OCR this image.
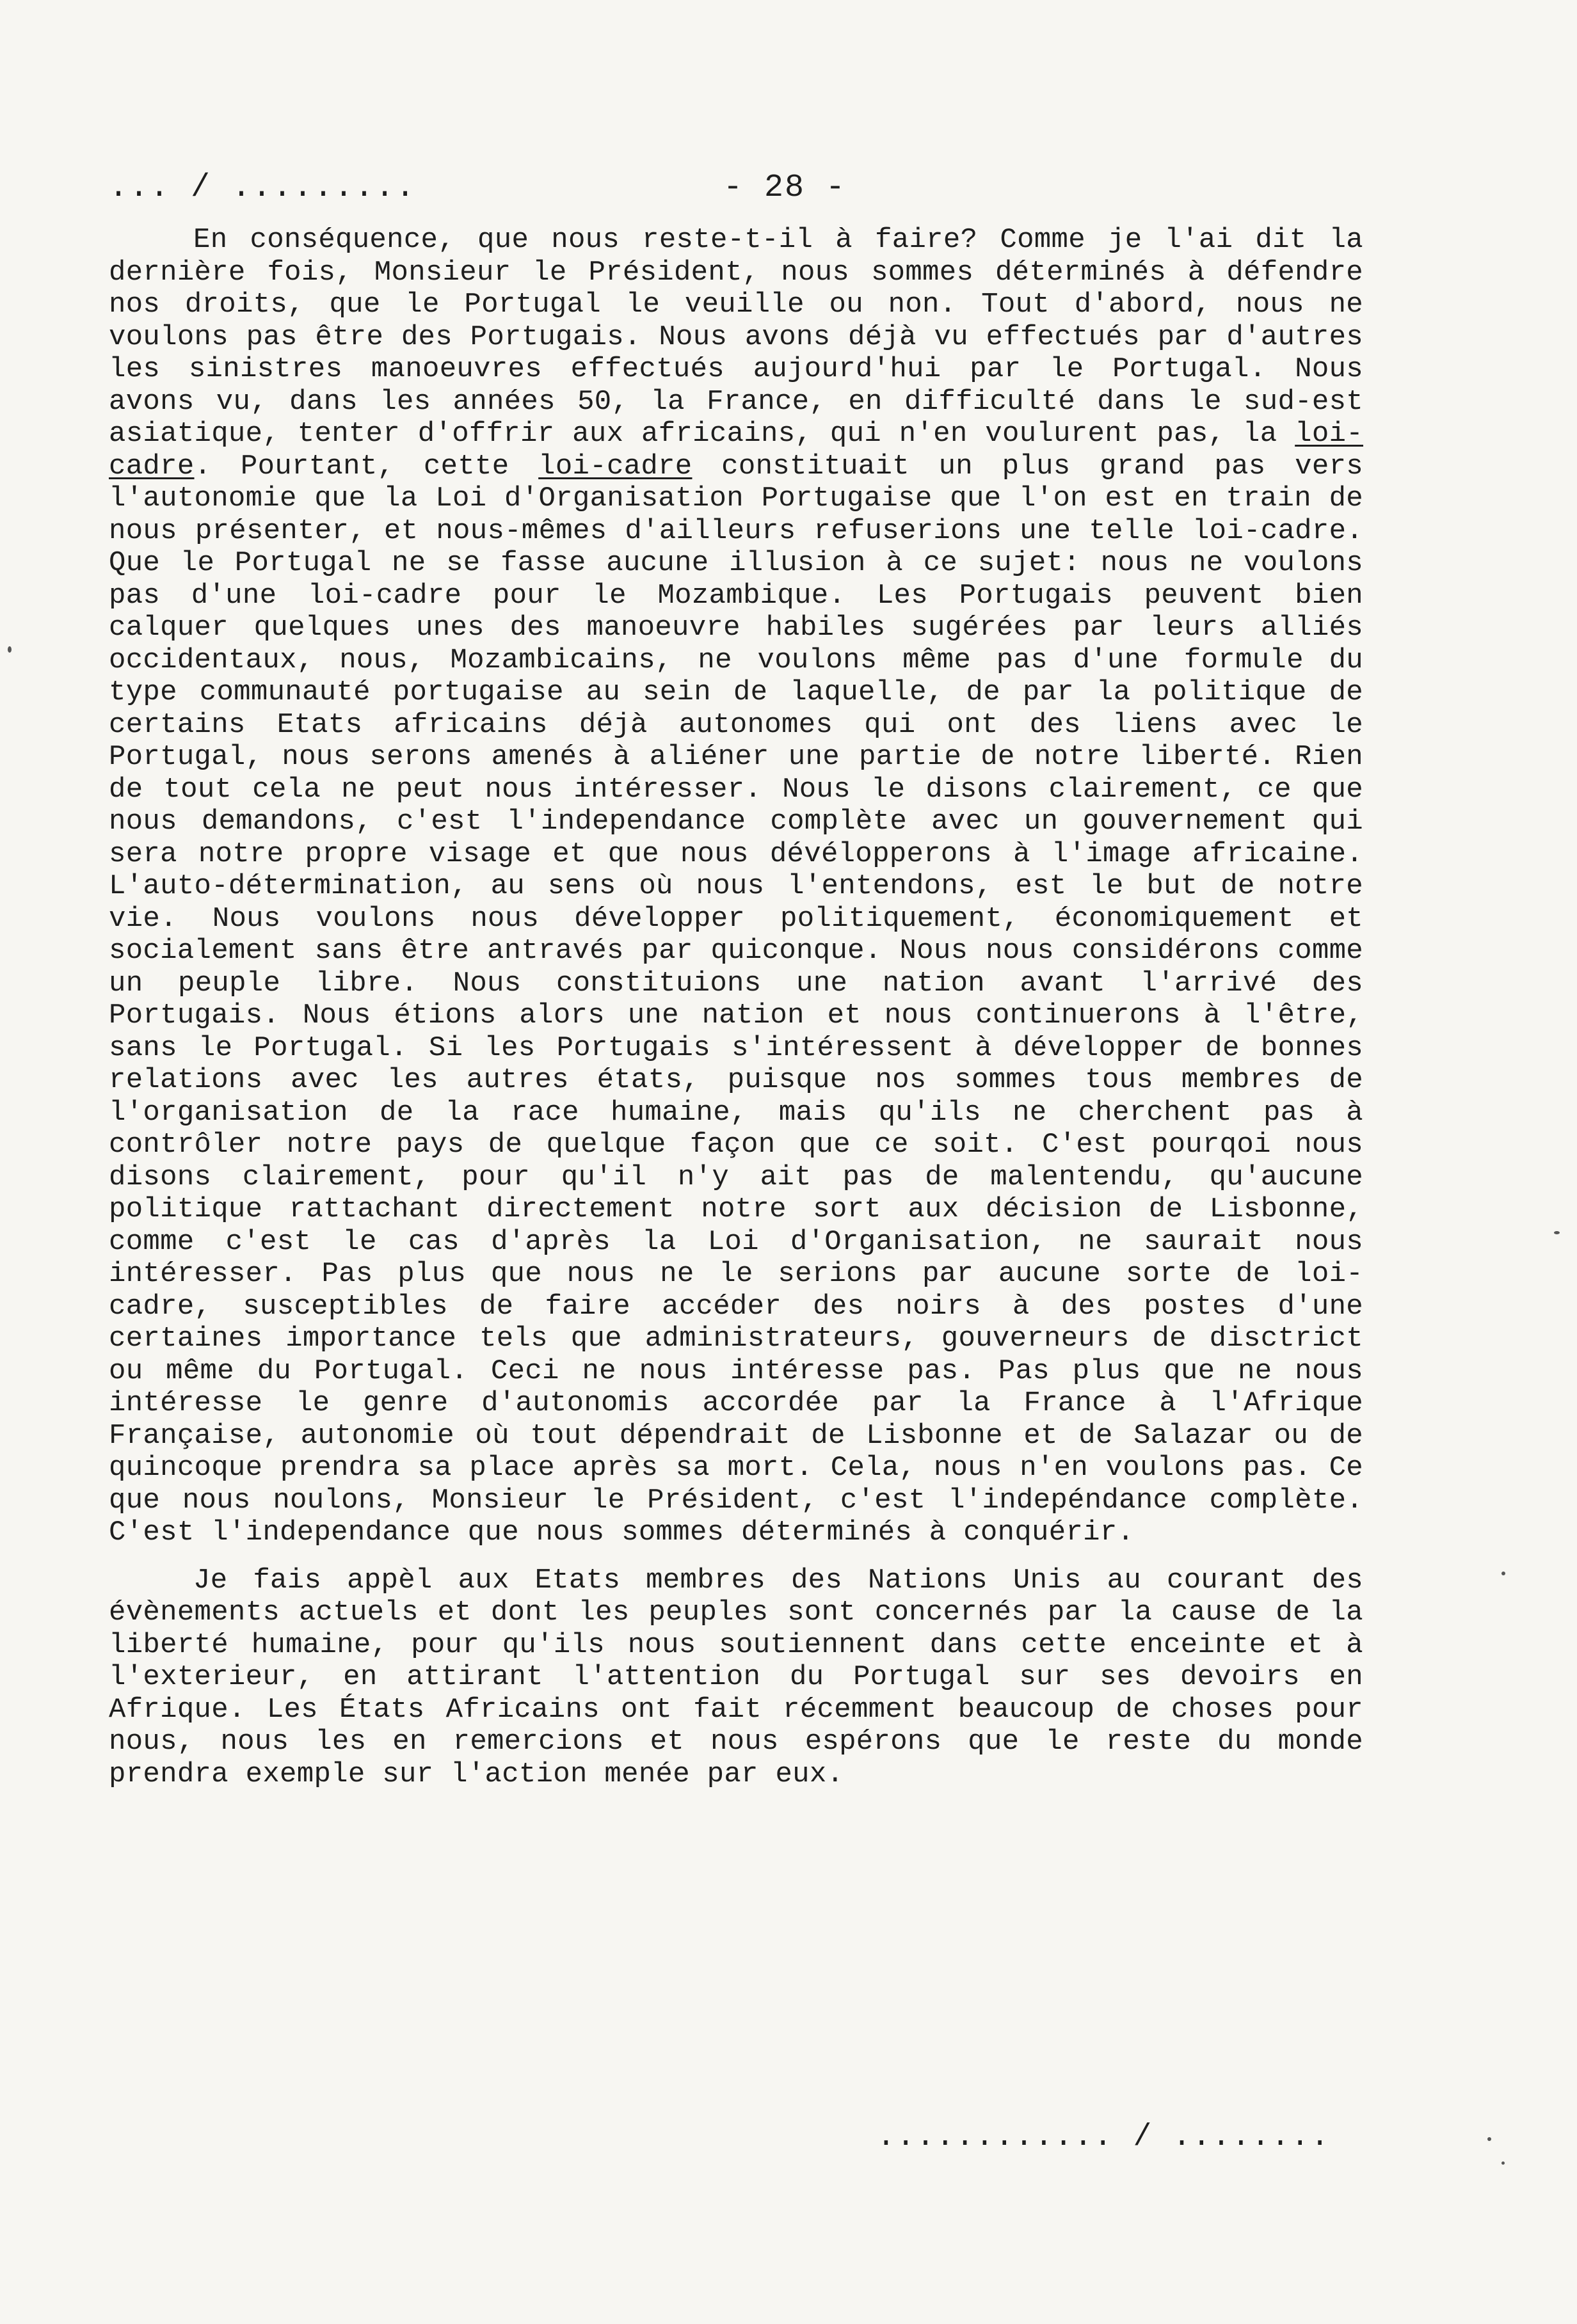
... / .........	- 28 -

En conséquence, que nous reste-t-il à faire? Comme je l'ai dit la dernière fois, Monsieur le Président, nous sommes déterminés à défendre nos droits, que le Portugal le veuille ou non. Tout d'abord, nous ne voulons pas être des Portugais. Nous avons déjà vu effectués par d'autres les sinistres manoeuvres effectués aujourd'hui par le Portugal. Nous avons vu, dans les années 50, la France, en difficulté dans le sud-est asiatique, tenter d'offrir aux africains, qui n'en voulurent pas, la loi-cadre. Pourtant, cette loi-cadre constituait un plus grand pas vers l'autonomie que la Loi d'Organisation Portugaise que l'on est en train de nous présenter, et nous-mêmes d'ailleurs refuserions une telle loi-cadre. Que le Portugal ne se fasse aucune illusion à ce sujet: nous ne voulons pas d'une loi-cadre pour le Mozambique. Les Portugais peuvent bien calquer quelques unes des manoeuvre habiles sugérées par leurs alliés occidentaux, nous, Mozambicains, ne voulons même pas d'une formule du type communauté portugaise au sein de laquelle, de par la politique de certains Etats africains déjà autonomes qui ont des liens avec le Portugal, nous serons amenés à aliéner une partie de notre liberté. Rien de tout cela ne peut nous intéresser. Nous le disons clairement, ce que nous demandons, c'est l'independance complète avec un gouvernement qui sera notre propre visage et que nous dévélopperons à l'image africaine. L'auto-détermination, au sens où nous l'entendons, est le but de notre vie. Nous voulons nous développer politiquement, économiquement et socialement sans être antravés par quiconque. Nous nous considérons comme un peuple libre. Nous constituions une nation avant l'arrivé des Portugais. Nous étions alors une nation et nous continuerons à l'être, sans le Portugal. Si les Portugais s'intéressent à développer de bonnes relations avec les autres états, puisque nos sommes tous membres de l'organisation de la race humaine, mais qu'ils ne cherchent pas à contrôler notre pays de quelque façon que ce soit. C'est pourqoi nous disons clairement, pour qu'il n'y ait pas de malentendu, qu'aucune politique rattachant directement notre sort aux décision de Lisbonne, comme c'est le cas d'après la Loi d'Organisation, ne saurait nous intéresser. Pas plus que nous ne le serions par aucune sorte de loi-cadre, susceptibles de faire accéder des noirs à des postes d'une certaines importance tels que administrateurs, gouverneurs de disctrict ou même du Portugal. Ceci ne nous intéresse pas. Pas plus que ne nous intéresse le genre d'autonomis accordée par la France à l'Afrique Française, autonomie où tout dépendrait de Lisbonne et de Salazar ou de quincoque prendra sa place après sa mort. Cela, nous n'en voulons pas. Ce que nous noulons, Monsieur le Président, c'est l'indepéndance complète. C'est l'independance que nous sommes déterminés à conquérir.

Je fais appèl aux Etats membres des Nations Unis au courant des évènements actuels et dont les peuples sont concernés par la cause de la liberté humaine, pour qu'ils nous soutiennent dans cette enceinte et à l'exterieur, en attirant l'attention du Portugal sur ses devoirs en Afrique. Les États Africains ont fait récemment beaucoup de choses pour nous, nous les en remercions et nous espérons que le reste du monde prendra exemple sur l'action menée par eux.

............ / ........
